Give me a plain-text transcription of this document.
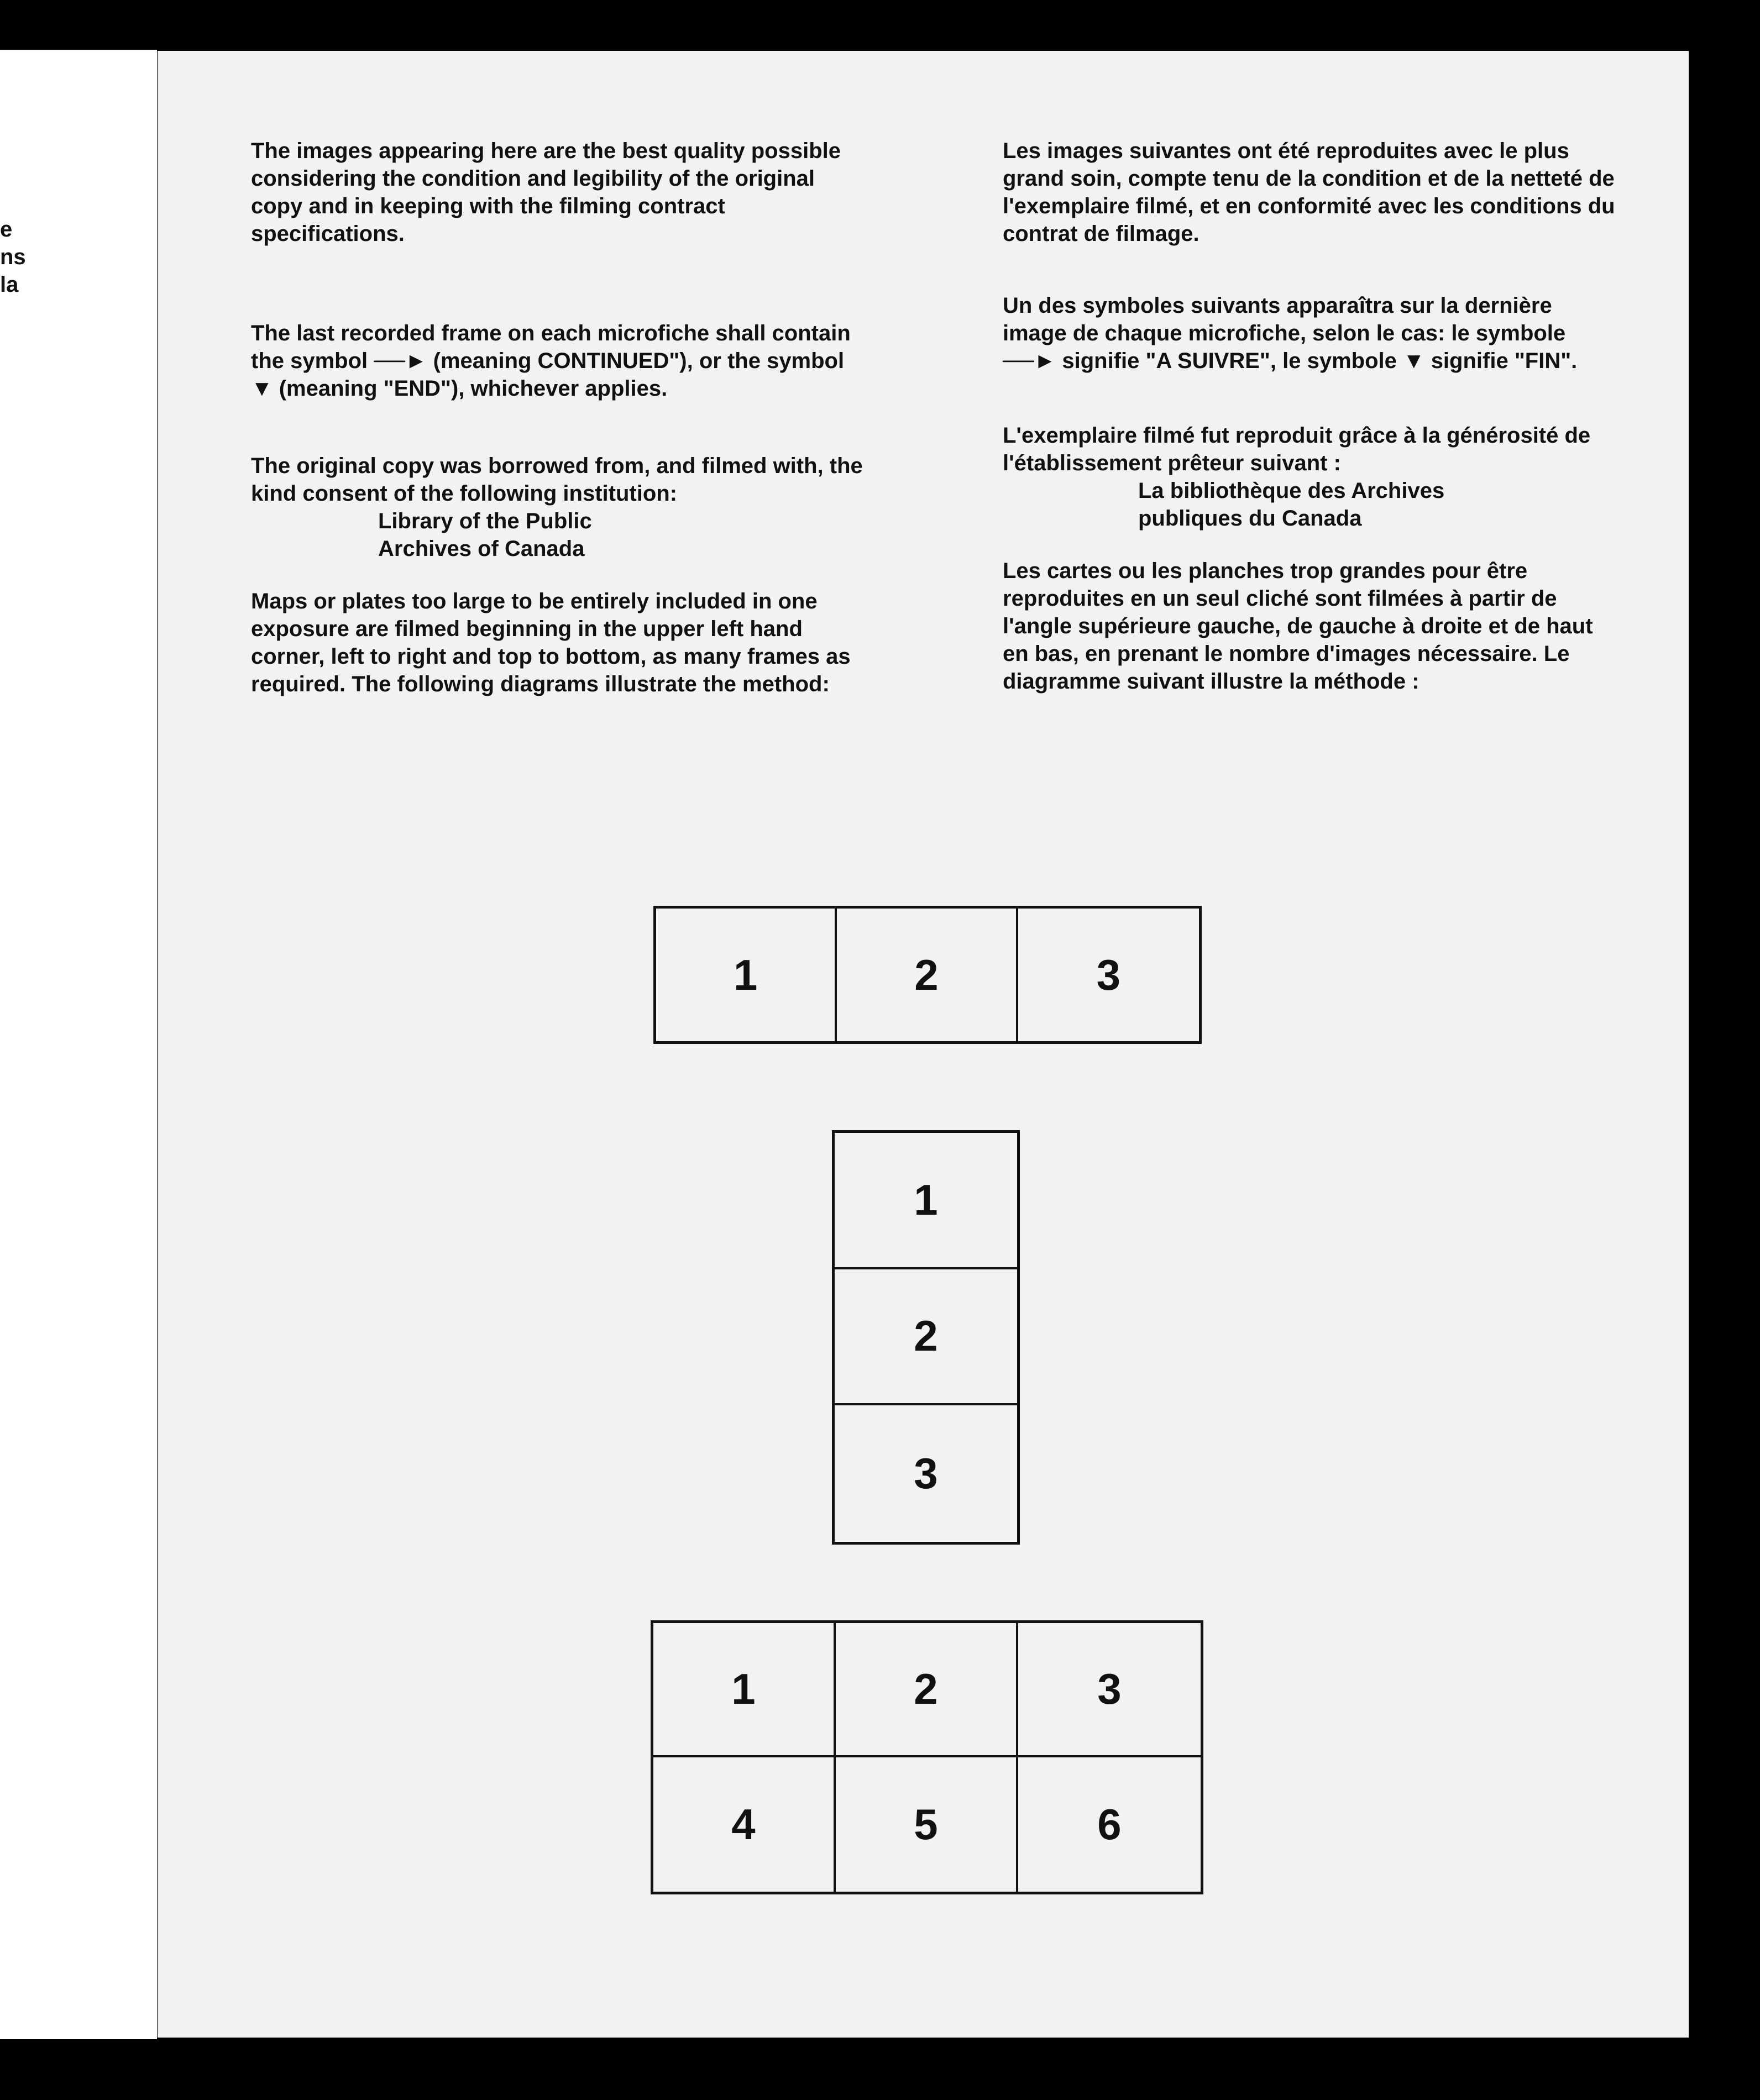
e
ns
la

The images appearing here are the best quality possible considering the condition and legibility of the original copy and in keeping with the filming contract specifications.

The last recorded frame on each microfiche shall contain the symbol ──► (meaning CONTINUED"), or the symbol ▼ (meaning "END"), whichever applies.

The original copy was borrowed from, and filmed with, the kind consent of the following institution:

Library of the Public

Archives of Canada

Maps or plates too large to be entirely included in one exposure are filmed beginning in the upper left hand corner, left to right and top to bottom, as many frames as required. The following diagrams illustrate the method:

Les images suivantes ont été reproduites avec le plus grand soin, compte tenu de la condition et de la netteté de l'exemplaire filmé, et en conformité avec les conditions du contrat de filmage.

Un des symboles suivants apparaîtra sur la dernière image de chaque microfiche, selon le cas: le symbole ──► signifie "A SUIVRE", le symbole ▼ signifie "FIN".

L'exemplaire filmé fut reproduit grâce à la générosité de l'établissement prêteur suivant :

La bibliothèque des Archives

publiques du Canada

Les cartes ou les planches trop grandes pour être reproduites en un seul cliché sont filmées à partir de l'angle supérieure gauche, de gauche à droite et de haut en bas, en prenant le nombre d'images nécessaire. Le diagramme suivant illustre la méthode :

1	2	3
1
2
3
1	2	3
4	5	6
